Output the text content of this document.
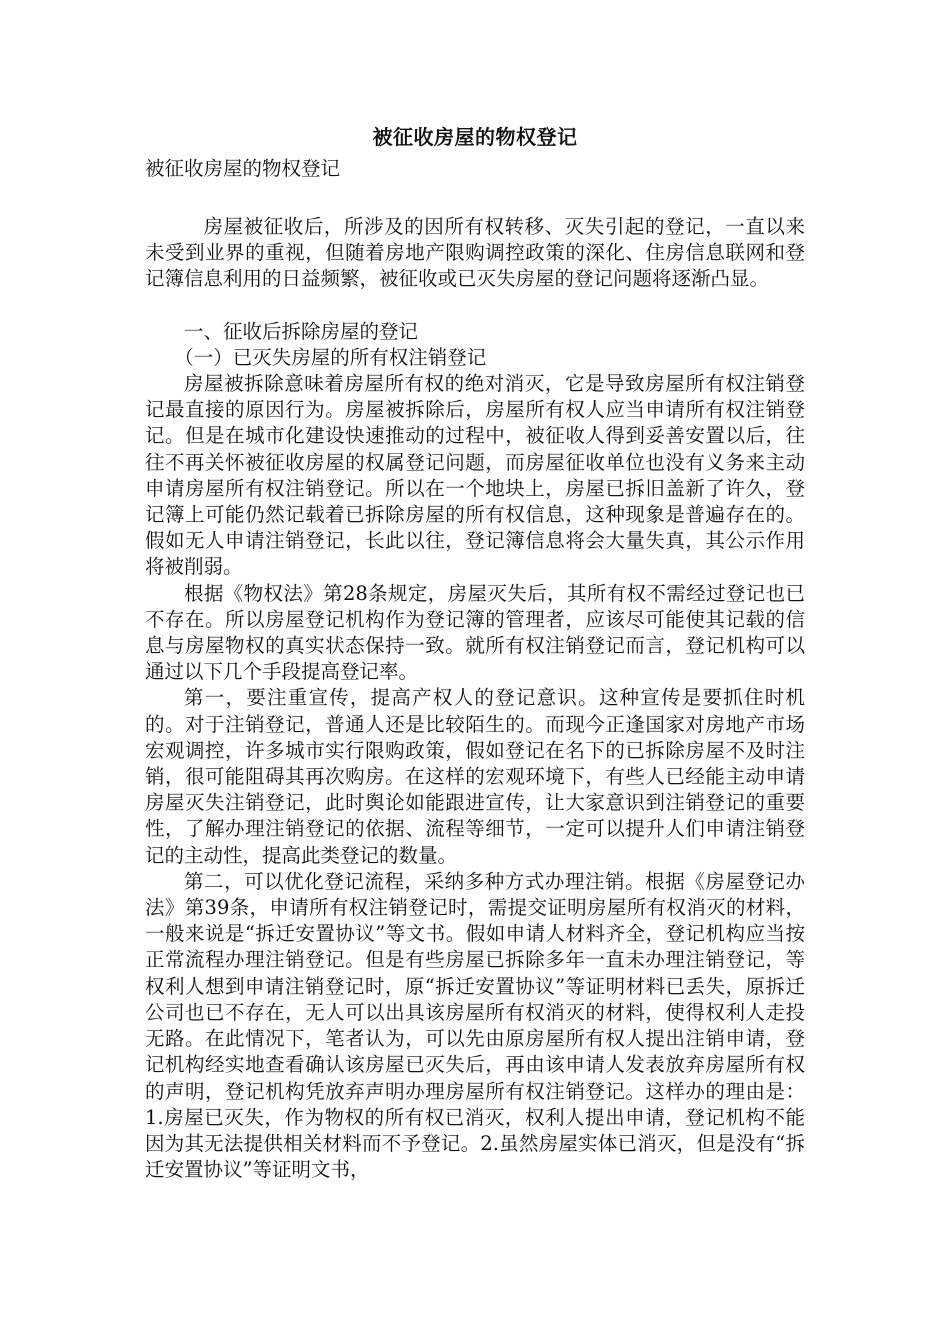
被征收房屋的物权登记

被征收房屋的物权登记

房屋被征收后，所涉及的因所有权转移、灭失引起的登记，一直以来未受到业界的重视，但随着房地产限购调控政策的深化、住房信息联网和登记簿信息利用的日益频繁，被征收或已灭失房屋的登记问题将逐渐凸显。

一、征收后拆除房屋的登记

（一）已灭失房屋的所有权注销登记

房屋被拆除意味着房屋所有权的绝对消灭，它是导致房屋所有权注销登记最直接的原因行为。房屋被拆除后，房屋所有权人应当申请所有权注销登记。但是在城市化建设快速推动的过程中，被征收人得到妥善安置以后，往往不再关怀被征收房屋的权属登记问题，而房屋征收单位也没有义务来主动申请房屋所有权注销登记。所以在一个地块上，房屋已拆旧盖新了许久，登记簿上可能仍然记载着已拆除房屋的所有权信息，这种现象是普遍存在的。假如无人申请注销登记，长此以往，登记簿信息将会大量失真，其公示作用将被削弱。

根据《物权法》第28条规定，房屋灭失后，其所有权不需经过登记也已不存在。所以房屋登记机构作为登记簿的管理者，应该尽可能使其记载的信息与房屋物权的真实状态保持一致。就所有权注销登记而言，登记机构可以通过以下几个手段提高登记率。

第一，要注重宣传，提高产权人的登记意识。这种宣传是要抓住时机的。对于注销登记，普通人还是比较陌生的。而现今正逢国家对房地产市场宏观调控，许多城市实行限购政策，假如登记在名下的已拆除房屋不及时注销，很可能阻碍其再次购房。在这样的宏观环境下，有些人已经能主动申请房屋灭失注销登记，此时舆论如能跟进宣传，让大家意识到注销登记的重要性，了解办理注销登记的依据、流程等细节，一定可以提升人们申请注销登记的主动性，提高此类登记的数量。

第二，可以优化登记流程，采纳多种方式办理注销。根据《房屋登记办法》第39条，申请所有权注销登记时，需提交证明房屋所有权消灭的材料，一般来说是“拆迁安置协议”等文书。假如申请人材料齐全，登记机构应当按正常流程办理注销登记。但是有些房屋已拆除多年一直未办理注销登记，等权利人想到申请注销登记时，原“拆迁安置协议”等证明材料已丢失，原拆迁公司也已不存在，无人可以出具该房屋所有权消灭的材料，使得权利人走投无路。在此情况下，笔者认为，可以先由原房屋所有权人提出注销申请，登记机构经实地查看确认该房屋已灭失后，再由该申请人发表放弃房屋所有权的声明，登记机构凭放弃声明办理房屋所有权注销登记。这样办的理由是：1.房屋已灭失，作为物权的所有权已消灭，权利人提出申请，登记机构不能因为其无法提供相关材料而不予登记。2.虽然房屋实体已消灭，但是没有“拆迁安置协议”等证明文书，
